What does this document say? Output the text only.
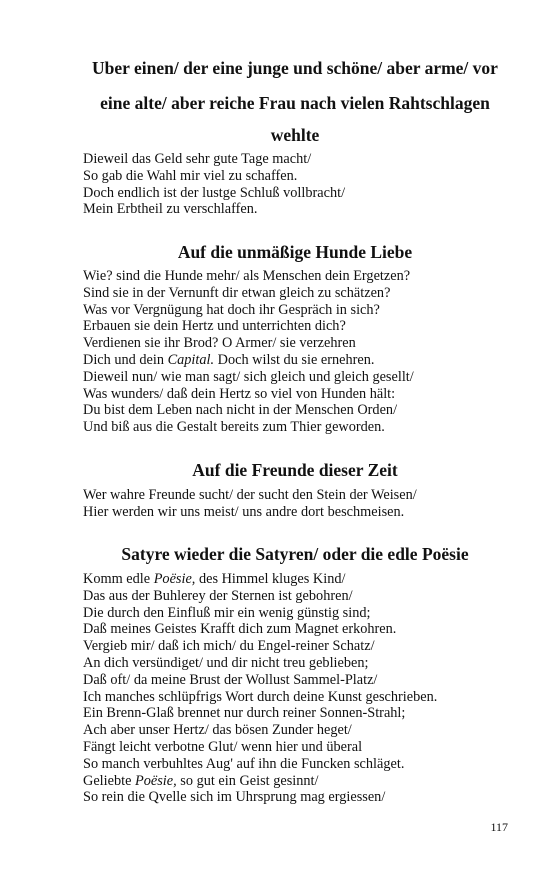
Uber einen/ der eine junge und schöne/ aber arme/ vor
eine alte/ aber reiche Frau nach vielen Rahtschlagen
wehlte
Dieweil das Geld sehr gute Tage macht/
So gab die Wahl mir viel zu schaffen.
Doch endlich ist der lustge Schluß vollbracht/
Mein Erbtheil zu verschlaffen.
Auf die unmäßige Hunde Liebe
Wie? sind die Hunde mehr/ als Menschen dein Ergetzen?
Sind sie in der Vernunft dir etwan gleich zu schätzen?
Was vor Vergnügung hat doch ihr Gespräch in sich?
Erbauen sie dein Hertz und unterrichten dich?
Verdienen sie ihr Brod? O Armer/ sie verzehren
Dich und dein Capital. Doch wilst du sie ernehren.
Dieweil nun/ wie man sagt/ sich gleich und gleich gesellt/
Was wunders/ daß dein Hertz so viel von Hunden hält:
Du bist dem Leben nach nicht in der Menschen Orden/
Und biß aus die Gestalt bereits zum Thier geworden.
Auf die Freunde dieser Zeit
Wer wahre Freunde sucht/ der sucht den Stein der Weisen/
Hier werden wir uns meist/ uns andre dort beschmeisen.
Satyre wieder die Satyren/ oder die edle Poësie
Komm edle Poësie, des Himmel kluges Kind/
Das aus der Buhlerey der Sternen ist gebohren/
Die durch den Einfluß mir ein wenig günstig sind;
Daß meines Geistes Krafft dich zum Magnet erkohren.
Vergieb mir/ daß ich mich/ du Engel-reiner Schatz/
An dich versündiget/ und dir nicht treu geblieben;
Daß oft/ da meine Brust der Wollust Sammel-Platz/
Ich manches schlüpfrigs Wort durch deine Kunst geschrieben.
Ein Brenn-Glaß brennet nur durch reiner Sonnen-Strahl;
Ach aber unser Hertz/ das bösen Zunder heget/
Fängt leicht verbotne Glut/ wenn hier und überal
So manch verbuhltes Aug' auf ihn die Funcken schläget.
Geliebte Poësie, so gut ein Geist gesinnt/
So rein die Qvelle sich im Uhrsprung mag ergiessen/
117
